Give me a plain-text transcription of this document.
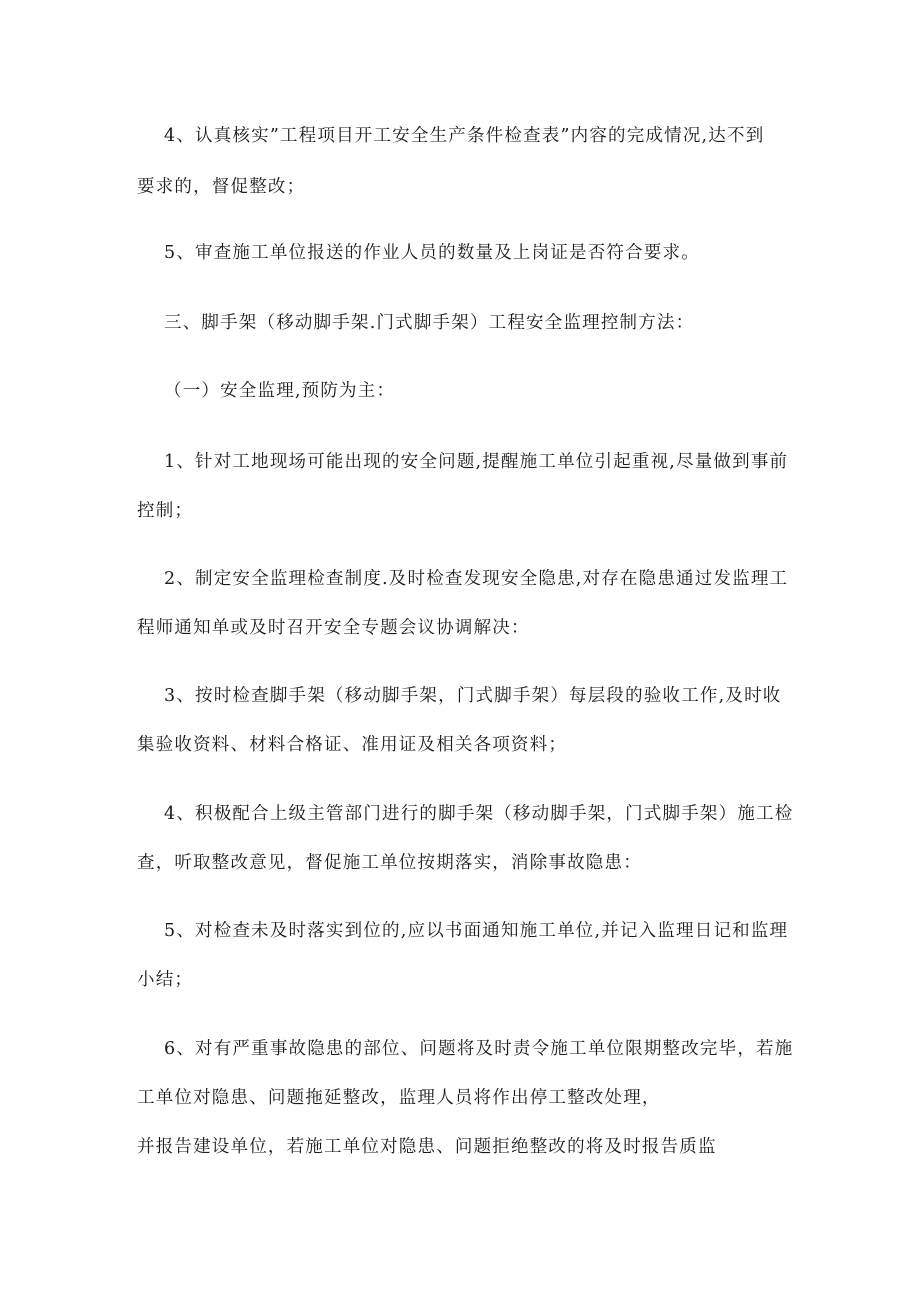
4、认真核实”工程项目开工安全生产条件检查表”内容的完成情况,达不到
要求的，督促整改；
5、审查施工单位报送的作业人员的数量及上岗证是否符合要求。
三、脚手架（移动脚手架.门式脚手架）工程安全监理控制方法：
（一）安全监理,预防为主：
1、针对工地现场可能出现的安全问题,提醒施工单位引起重视,尽量做到事前
控制；
2、制定安全监理检查制度.及时检查发现安全隐患,对存在隐患通过发监理工
程师通知单或及时召开安全专题会议协调解决：
3、按时检查脚手架（移动脚手架，门式脚手架）每层段的验收工作,及时收
集验收资料、材料合格证、准用证及相关各项资料；
4、积极配合上级主管部门进行的脚手架（移动脚手架，门式脚手架）施工检
查，听取整改意见，督促施工单位按期落实，消除事故隐患：
5、对检查未及时落实到位的,应以书面通知施工单位,并记入监理日记和监理
小结；
6、对有严重事故隐患的部位、问题将及时责令施工单位限期整改完毕，若施
工单位对隐患、问题拖延整改，监理人员将作出停工整改处理，
并报告建设单位，若施工单位对隐患、问题拒绝整改的将及时报告质监
